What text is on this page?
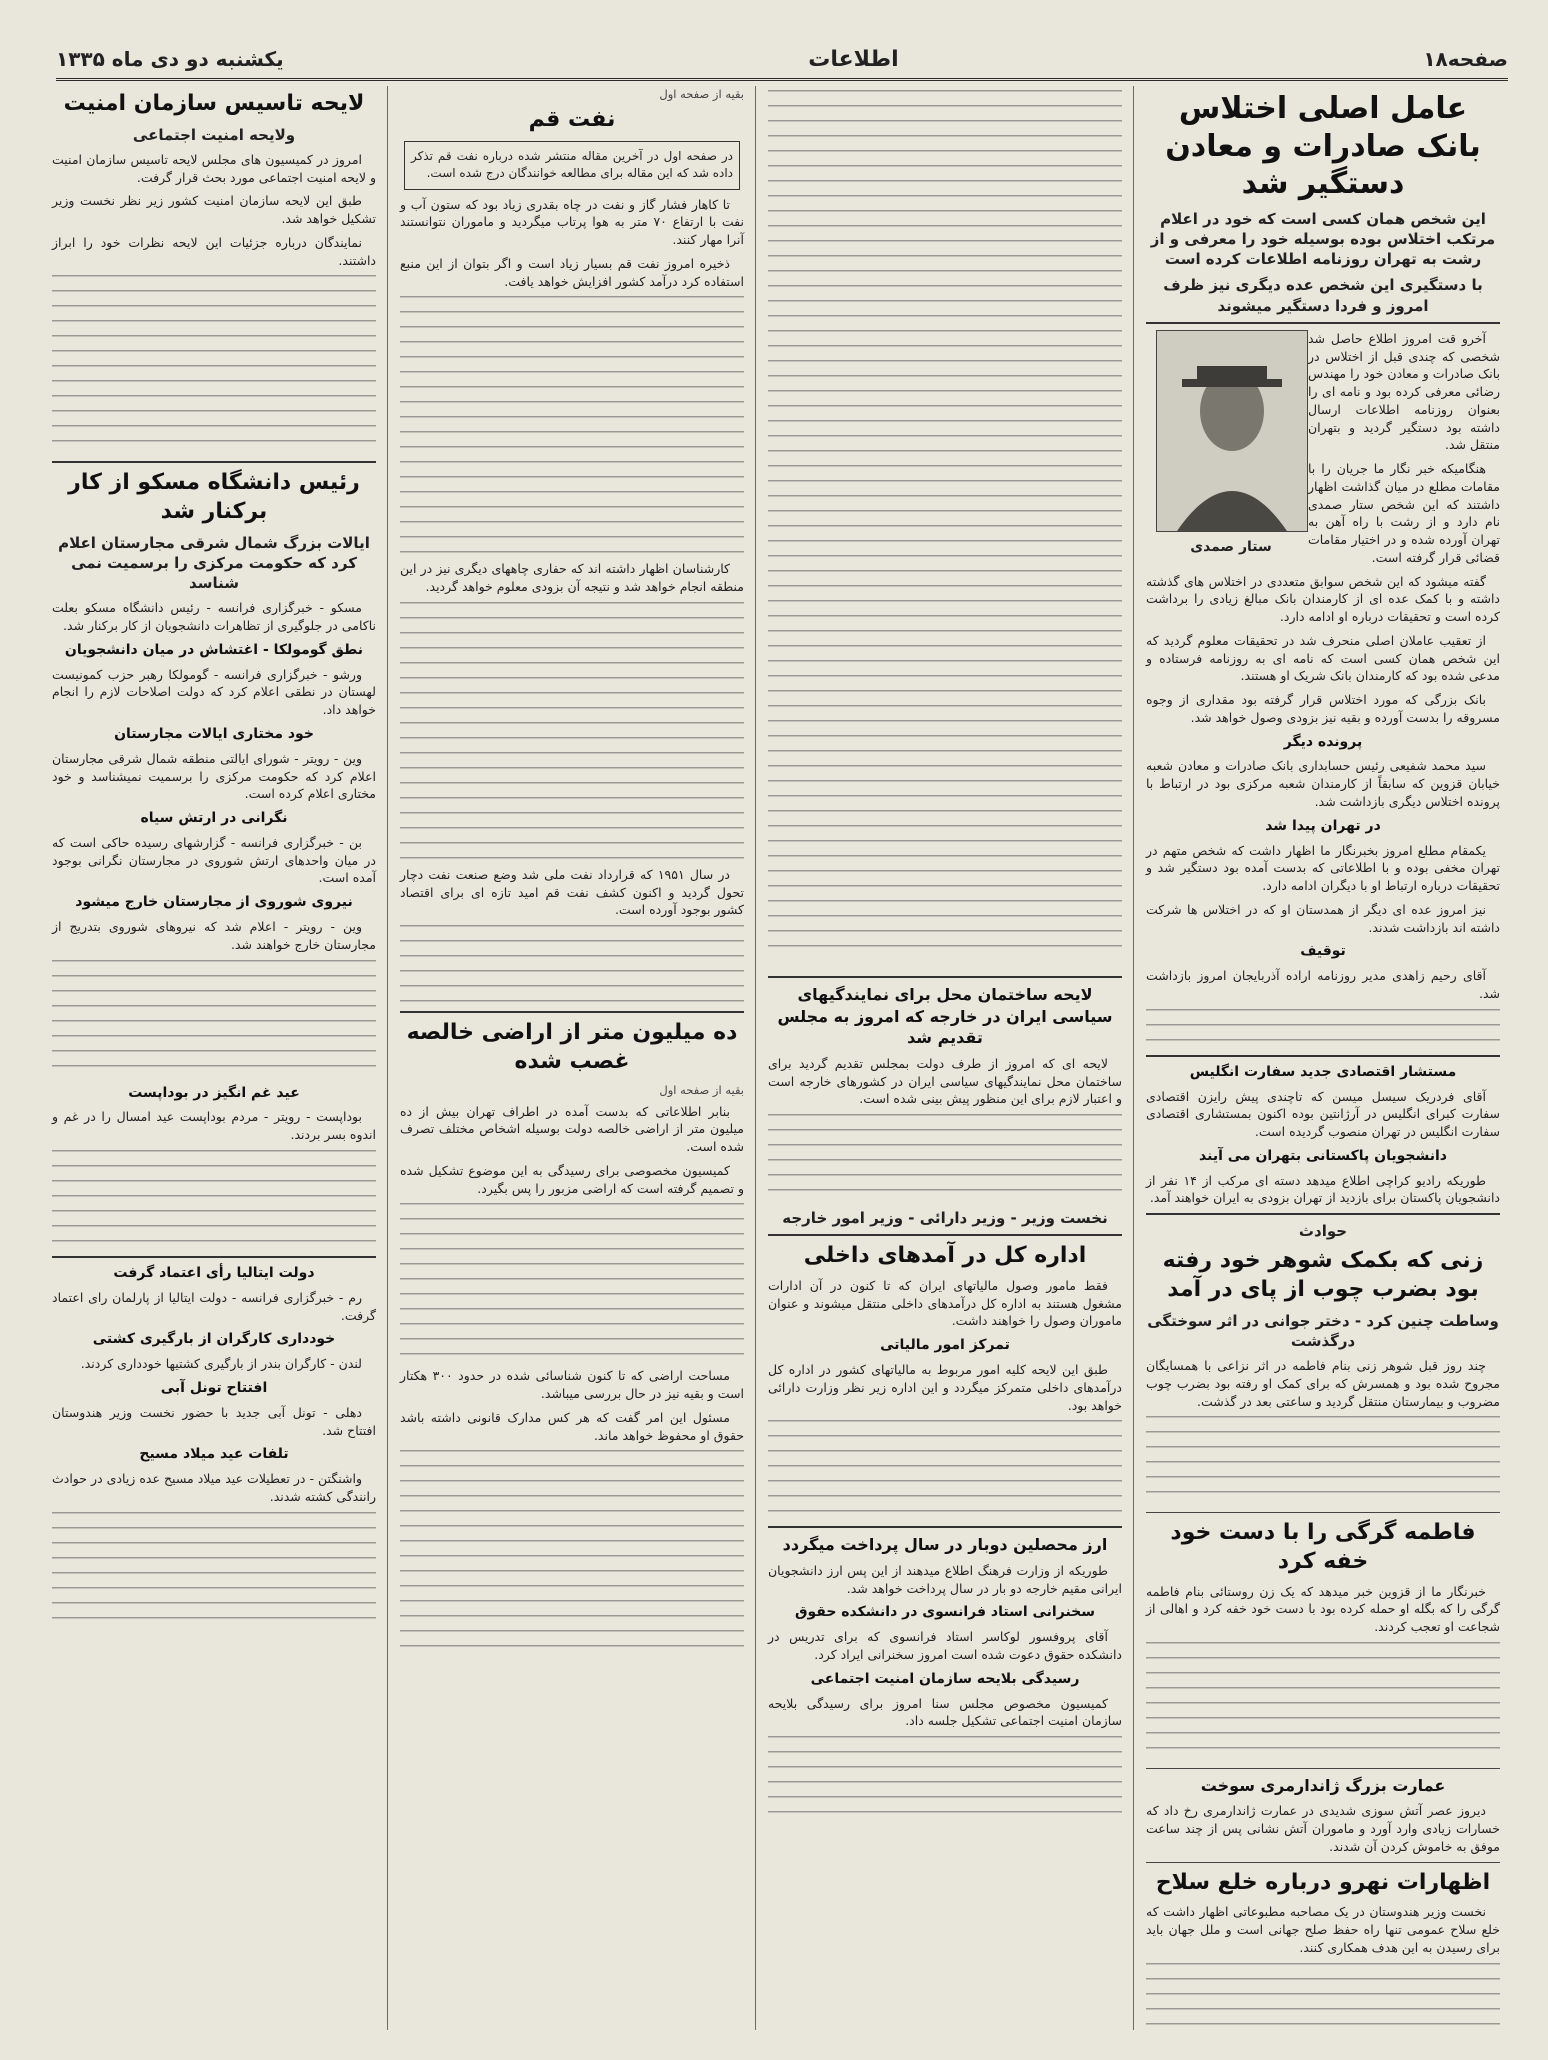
صفحه۱۸
اطلاعات
یکشنبه دو دی ماه ۱۳۳۵
عامل اصلی اختلاس بانک صادرات و معادن دستگیر شد
این شخص همان کسی است که خود در اعلام مرتکب اختلاس بوده بوسیله خود را معرفی و از رشت به تهران روزنامه اطلاعات کرده است
با دستگیری این شخص عده دیگری نیز ظرف امروز و فردا دستگیر میشوند
ستار صمدی

آخرو قت امروز اطلاع حاصل شد شخصی که چندی قبل از اختلاس در بانک صادرات و معادن خود را مهندس رضائی معرفی کرده بود و نامه ای را بعنوان روزنامه اطلاعات ارسال داشته بود دستگیر گردید و بتهران منتقل شد.

هنگامیکه خبر نگار ما جریان را با مقامات مطلع در میان گذاشت اظهار داشتند که این شخص ستار صمدی نام دارد و از رشت با راه آهن به تهران آورده شده و در اختیار مقامات قضائی قرار گرفته است.

گفته میشود که این شخص سوابق متعددی در اختلاس های گذشته داشته و با کمک عده ای از کارمندان بانک مبالغ زیادی را برداشت کرده است و تحقیقات درباره او ادامه دارد.

از تعقیب عاملان اصلی منحرف شد در تحقیقات معلوم گردید که این شخص همان کسی است که نامه ای به روزنامه فرستاده و مدعی شده بود که کارمندان بانک شریک او هستند.

بانک بزرگی که مورد اختلاس قرار گرفته بود مقداری از وجوه مسروقه را بدست آورده و بقیه نیز بزودی وصول خواهد شد.

پرونده دیگر

سید محمد شفیعی رئیس حسابداری بانک صادرات و معادن شعبه خیابان قزوین که سابقاً از کارمندان شعبه مرکزی بود در ارتباط با پرونده اختلاس دیگری بازداشت شد.

در تهران پیدا شد

یکمقام مطلع امروز بخبرنگار ما اظهار داشت که شخص متهم در تهران مخفی بوده و با اطلاعاتی که بدست آمده بود دستگیر شد و تحقیقات درباره ارتباط او با دیگران ادامه دارد.

نیز امروز عده ای دیگر از همدستان او که در اختلاس ها شرکت داشته اند بازداشت شدند.

توقیف

آقای رحیم زاهدی مدیر روزنامه اراده آذربایجان امروز بازداشت شد.

مستشار اقتصادی جدید سفارت انگلیس

آقای فردریک سیسل میسن که تاچندی پیش رایزن اقتصادی سفارت کبرای انگلیس در آرژانتین بوده اکنون بمستشاری اقتصادی سفارت انگلیس در تهران منصوب گردیده است.

دانشجویان پاکستانی بتهران می آیند

طوریکه رادیو کراچی اطلاع میدهد دسته ای مرکب از ۱۴ نفر از دانشجویان پاکستان برای بازدید از تهران بزودی به ایران خواهند آمد.

حوادث
زنی که بکمک شوهر خود رفته بود بضرب چوب از پای در آمد
وساطت چنین کرد - دختر جوانی در اثر سوختگی درگذشت

چند روز قبل شوهر زنی بنام فاطمه در اثر نزاعی با همسایگان مجروح شده بود و همسرش که برای کمک او رفته بود بضرب چوب مضروب و بیمارستان منتقل گردید و ساعتی بعد در گذشت.

فاطمه گرگی را با دست خود خفه کرد

خبرنگار ما از قزوین خبر میدهد که یک زن روستائی بنام فاطمه گرگی را که بگله او حمله کرده بود با دست خود خفه کرد و اهالی از شجاعت او تعجب کردند.

عمارت بزرگ ژاندارمری سوخت

دیروز عصر آتش سوزی شدیدی در عمارت ژاندارمری رخ داد که خسارات زیادی وارد آورد و ماموران آتش نشانی پس از چند ساعت موفق به خاموش کردن آن شدند.

اظهارات نهرو درباره خلع سلاح

نخست وزیر هندوستان در یک مصاحبه مطبوعاتی اظهار داشت که خلع سلاح عمومی تنها راه حفظ صلح جهانی است و ملل جهان باید برای رسیدن به این هدف همکاری کنند.

لایحه ساختمان محل برای نمایندگیهای سیاسی ایران در خارجه که امروز به مجلس تقدیم شد

لایحه ای که امروز از طرف دولت بمجلس تقدیم گردید برای ساختمان محل نمایندگیهای سیاسی ایران در کشورهای خارجه است و اعتبار لازم برای این منظور پیش بینی شده است.

نخست وزیر - وزیر دارائی - وزیر امور خارجه
اداره کل در آمدهای داخلی

فقط مامور وصول مالیاتهای ایران که تا کنون در آن ادارات مشغول هستند به اداره کل درآمدهای داخلی منتقل میشوند و عنوان ماموران وصول را خواهند داشت.

تمرکز امور مالیاتی

طبق این لایحه کلیه امور مربوط به مالیاتهای کشور در اداره کل درآمدهای داخلی متمرکز میگردد و این اداره زیر نظر وزارت دارائی خواهد بود.

ارز محصلین دوبار در سال پرداخت میگردد

طوریکه از وزارت فرهنگ اطلاع میدهند از این پس ارز دانشجویان ایرانی مقیم خارجه دو بار در سال پرداخت خواهد شد.

سخنرانی استاد فرانسوی در دانشکده حقوق

آقای پروفسور لوکاسر استاد فرانسوی که برای تدریس در دانشکده حقوق دعوت شده است امروز سخنرانی ایراد کرد.

رسیدگی بلایحه سازمان امنیت اجتماعی

کمیسیون مخصوص مجلس سنا امروز برای رسیدگی بلایحه سازمان امنیت اجتماعی تشکیل جلسه داد.

بقیه از صفحه اول
نفت قم
در صفحه اول در آخرین مقاله منتشر شده درباره نفت قم تذکر داده شد که این مقاله برای مطالعه خوانندگان درج شده است.

تا کاهار فشار گاز و نفت در چاه بقدری زیاد بود که ستون آب و نفت با ارتفاع ۷۰ متر به هوا پرتاب میگردید و ماموران نتوانستند آنرا مهار کنند.

ذخیره امروز نفت قم بسیار زیاد است و اگر بتوان از این منبع استفاده کرد درآمد کشور افزایش خواهد یافت.

کارشناسان اظهار داشته اند که حفاری چاههای دیگری نیز در این منطقه انجام خواهد شد و نتیجه آن بزودی معلوم خواهد گردید.

در سال ۱۹۵۱ که قرارداد نفت ملی شد وضع صنعت نفت دچار تحول گردید و اکنون کشف نفت قم امید تازه ای برای اقتصاد کشور بوجود آورده است.

ده میلیون متر از اراضی خالصه غصب شده
بقیه از صفحه اول

بنابر اطلاعاتی که بدست آمده در اطراف تهران بیش از ده میلیون متر از اراضی خالصه دولت بوسیله اشخاص مختلف تصرف شده است.

کمیسیون مخصوصی برای رسیدگی به این موضوع تشکیل شده و تصمیم گرفته است که اراضی مزبور را پس بگیرد.

مساحت اراضی که تا کنون شناسائی شده در حدود ۳۰۰ هکتار است و بقیه نیز در حال بررسی میباشد.

مسئول این امر گفت که هر کس مدارک قانونی داشته باشد حقوق او محفوظ خواهد ماند.

لایحه تاسیس سازمان امنیت
ولایحه امنیت اجتماعی

امروز در کمیسیون های مجلس لایحه تاسیس سازمان امنیت و لایحه امنیت اجتماعی مورد بحث قرار گرفت.

طبق این لایحه سازمان امنیت کشور زیر نظر نخست وزیر تشکیل خواهد شد.

نمایندگان درباره جزئیات این لایحه نظرات خود را ابراز داشتند.

رئیس دانشگاه مسکو از کار برکنار شد
ایالات بزرگ شمال شرقی مجارستان اعلام کرد که حکومت مرکزی را برسمیت نمی شناسد

مسکو - خبرگزاری فرانسه - رئیس دانشگاه مسکو بعلت ناکامی در جلوگیری از تظاهرات دانشجویان از کار برکنار شد.

نطق گومولکا - اغتشاش در میان دانشجویان

ورشو - خبرگزاری فرانسه - گومولکا رهبر حزب کمونیست لهستان در نطقی اعلام کرد که دولت اصلاحات لازم را انجام خواهد داد.

خود مختاری ایالات مجارستان

وین - رویتر - شورای ایالتی منطقه شمال شرقی مجارستان اعلام کرد که حکومت مرکزی را برسمیت نمیشناسد و خود مختاری اعلام کرده است.

نگرانی در ارتش سیاه

بن - خبرگزاری فرانسه - گزارشهای رسیده حاکی است که در میان واحدهای ارتش شوروی در مجارستان نگرانی بوجود آمده است.

نیروی شوروی از مجارستان خارج میشود

وین - رویتر - اعلام شد که نیروهای شوروی بتدریج از مجارستان خارج خواهند شد.

عید غم انگیز در بوداپست

بوداپست - رویتر - مردم بوداپست عید امسال را در غم و اندوه بسر بردند.

دولت ایتالیا رأی اعتماد گرفت

رم - خبرگزاری فرانسه - دولت ایتالیا از پارلمان رای اعتماد گرفت.

خودداری کارگران از بارگیری کشتی

لندن - کارگران بندر از بارگیری کشتیها خودداری کردند.

افتتاح تونل آبی

دهلی - تونل آبی جدید با حضور نخست وزیر هندوستان افتتاح شد.

تلفات عید میلاد مسیح

واشنگتن - در تعطیلات عید میلاد مسیح عده زیادی در حوادث رانندگی کشته شدند.
